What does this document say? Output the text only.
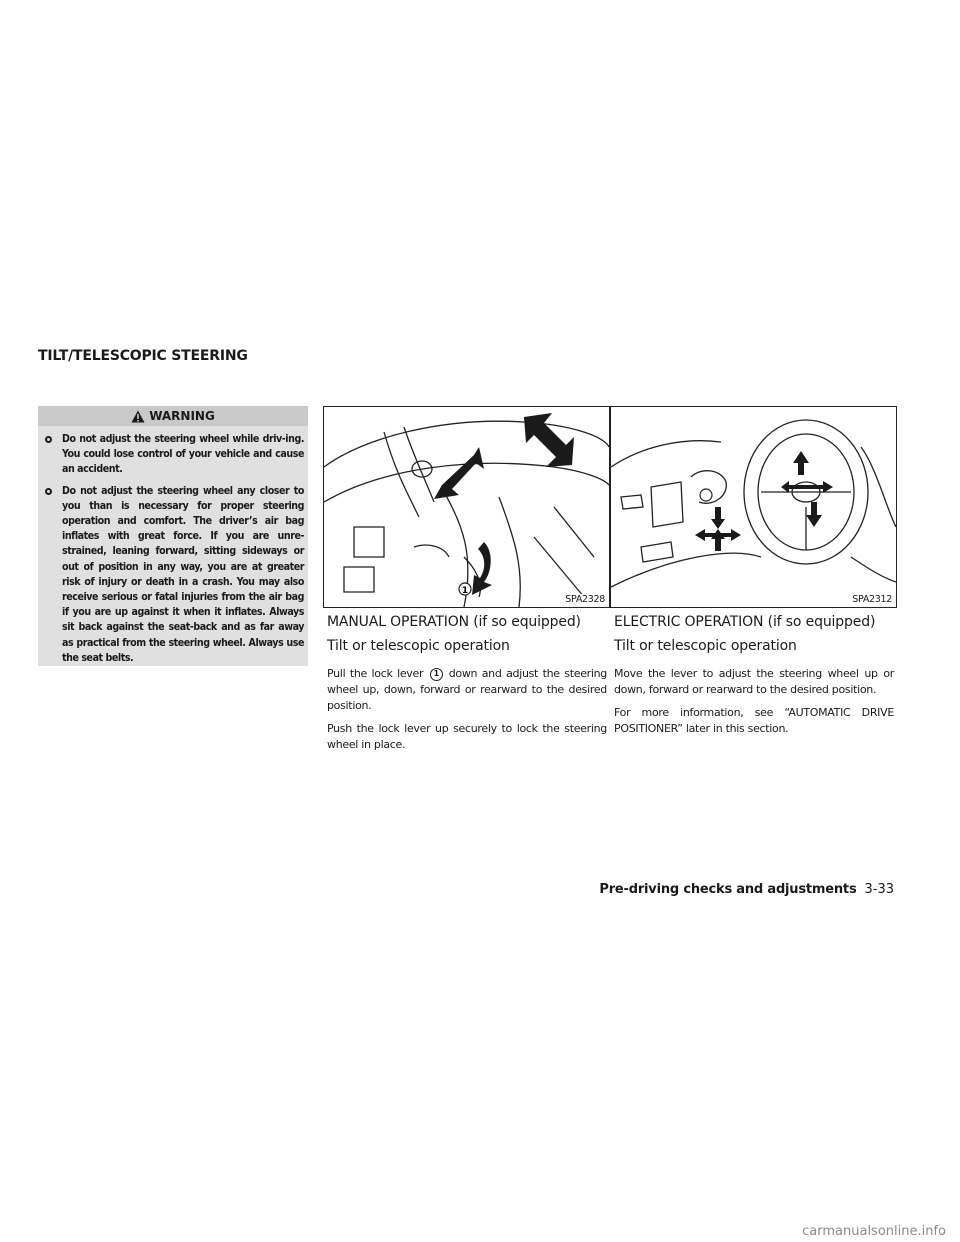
TILT/TELESCOPIC STEERING
WARNING
Do not adjust the steering wheel while driv-ing. You could lose control of your vehicle and cause an accident.
Do not adjust the steering wheel any closer to you than is necessary for proper steering operation and comfort. The driver’s air bag inflates with great force. If you are unre-strained, leaning forward, sitting sideways or out of position in any way, you are at greater risk of injury or death in a crash. You may also receive serious or fatal injuries from the air bag if you are up against it when it inflates. Always sit back against the seat-back and as far away as practical from the steering wheel. Always use the seat belts.
1
SPA2328	SPA2312
MANUAL OPERATION (if so equipped)
Tilt or telescopic operation

Pull the lock lever 1 down and adjust the steering wheel up, down, forward or rearward to the desired position.

Push the lock lever up securely to lock the steering wheel in place.

ELECTRIC OPERATION (if so equipped)
Tilt or telescopic operation

Move the lever to adjust the steering wheel up or down, forward or rearward to the desired position.

For more information, see “AUTOMATIC DRIVE POSITIONER” later in this section.

Pre-driving checks and adjustments 3-33
carmanualsonline.info
